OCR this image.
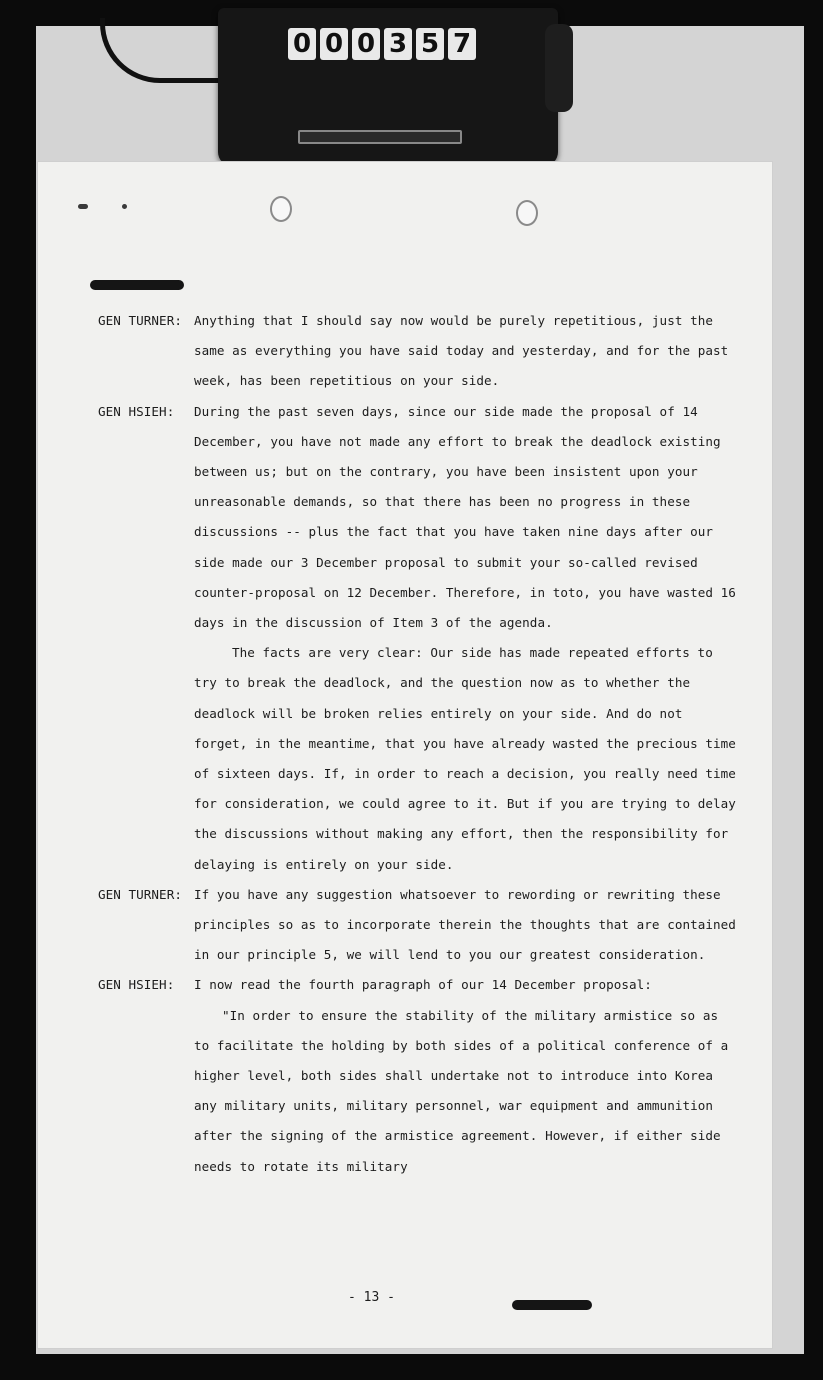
0 0 0 3 5 7
GEN TURNER: Anything that I should say now would be purely repetitious, just the same as everything you have said today and yesterday, and for the past week, has been repetitious on your side.

GEN HSIEH:	During the past seven days, since our side made the proposal of 14 December, you have not made any effort to break the deadlock existing between us; but on the contrary, you have been insistent upon your unreasonable demands, so that there has been no progress in these discussions -- plus the fact that you have taken nine days after our side made our 3 December proposal to submit your so-called revised counter-proposal on 12 December. Therefore, in toto, you have wasted 16 days in the discussion of Item 3 of the agenda.

The facts are very clear: Our side has made repeated efforts to try to break the deadlock, and the question now as to whether the deadlock will be broken relies entirely on your side. And do not forget, in the meantime, that you have already wasted the precious time of sixteen days. If, in order to reach a decision, you really need time for consideration, we could agree to it. But if you are trying to delay the discussions without making any effort, then the responsibility for delaying is entirely on your side.

GEN TURNER: If you have any suggestion whatsoever to rewording or rewriting these principles so as to incorporate therein the thoughts that are contained in our principle 5, we will lend to you our greatest consideration.

GEN HSIEH:	I now read the fourth paragraph of our 14 December proposal:

"In order to ensure the stability of the military armistice so as to facilitate the holding by both sides of a political conference of a higher level, both sides shall undertake not to introduce into Korea any military units, military personnel, war equipment and ammunition after the signing of the armistice agreement. However, if either side needs to rotate its military

- 13 -
